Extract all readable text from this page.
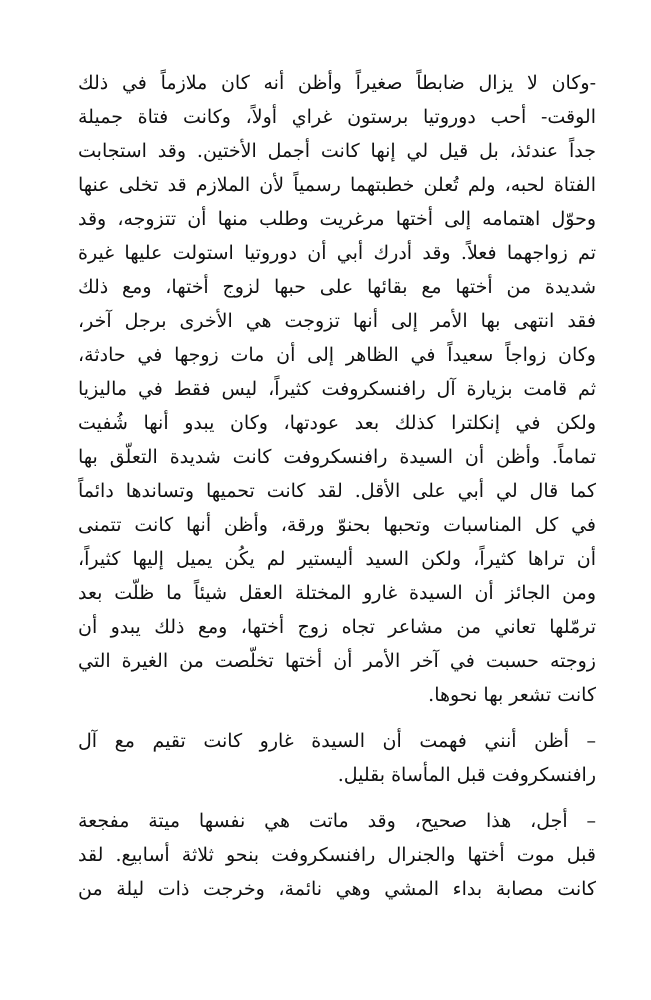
-وكان لا يزال ضابطاً صغيراً وأظن أنه كان ملازماً في ذلك
الوقت- أحب دوروتيا برستون غراي أولاً، وكانت فتاة جميلة
جداً عندئذ، بل قيل لي إنها كانت أجمل الأختين. وقد استجابت
الفتاة لحبه، ولم تُعلن خطبتهما رسمياً لأن الملازم قد تخلى عنها
وحوّل اهتمامه إلى أختها مرغريت وطلب منها أن تتزوجه، وقد
تم زواجهما فعلاً. وقد أدرك أبي أن دوروتيا استولت عليها غيرة
شديدة من أختها مع بقائها على حبها لزوج أختها، ومع ذلك
فقد انتهى بها الأمر إلى أنها تزوجت هي الأخرى برجل آخر،
وكان زواجاً سعيداً في الظاهر إلى أن مات زوجها في حادثة،
ثم قامت بزيارة آل رافنسكروفت كثيراً، ليس فقط في ماليزيا
ولكن في إنكلترا كذلك بعد عودتها، وكان يبدو أنها شُفيت
تماماً. وأظن أن السيدة رافنسكروفت كانت شديدة التعلّق بها
كما قال لي أبي على الأقل. لقد كانت تحميها وتساندها دائماً
في كل المناسبات وتحبها بحنوّ ورقة، وأظن أنها كانت تتمنى
أن تراها كثيراً، ولكن السيد أليستير لم يكُن يميل إليها كثيراً،
ومن الجائز أن السيدة غارو المختلة العقل شيئاً ما ظلّت بعد
ترمّلها تعاني من مشاعر تجاه زوج أختها، ومع ذلك يبدو أن
زوجته حسبت في آخر الأمر أن أختها تخلّصت من الغيرة التي
كانت تشعر بها نحوها.
– أظن أنني فهمت أن السيدة غارو كانت تقيم مع آل
رافنسكروفت قبل المأساة بقليل.
– أجل، هذا صحيح، وقد ماتت هي نفسها ميتة مفجعة
قبل موت أختها والجنرال رافنسكروفت بنحو ثلاثة أسابيع. لقد
كانت مصابة بداء المشي وهي نائمة، وخرجت ذات ليلة من
